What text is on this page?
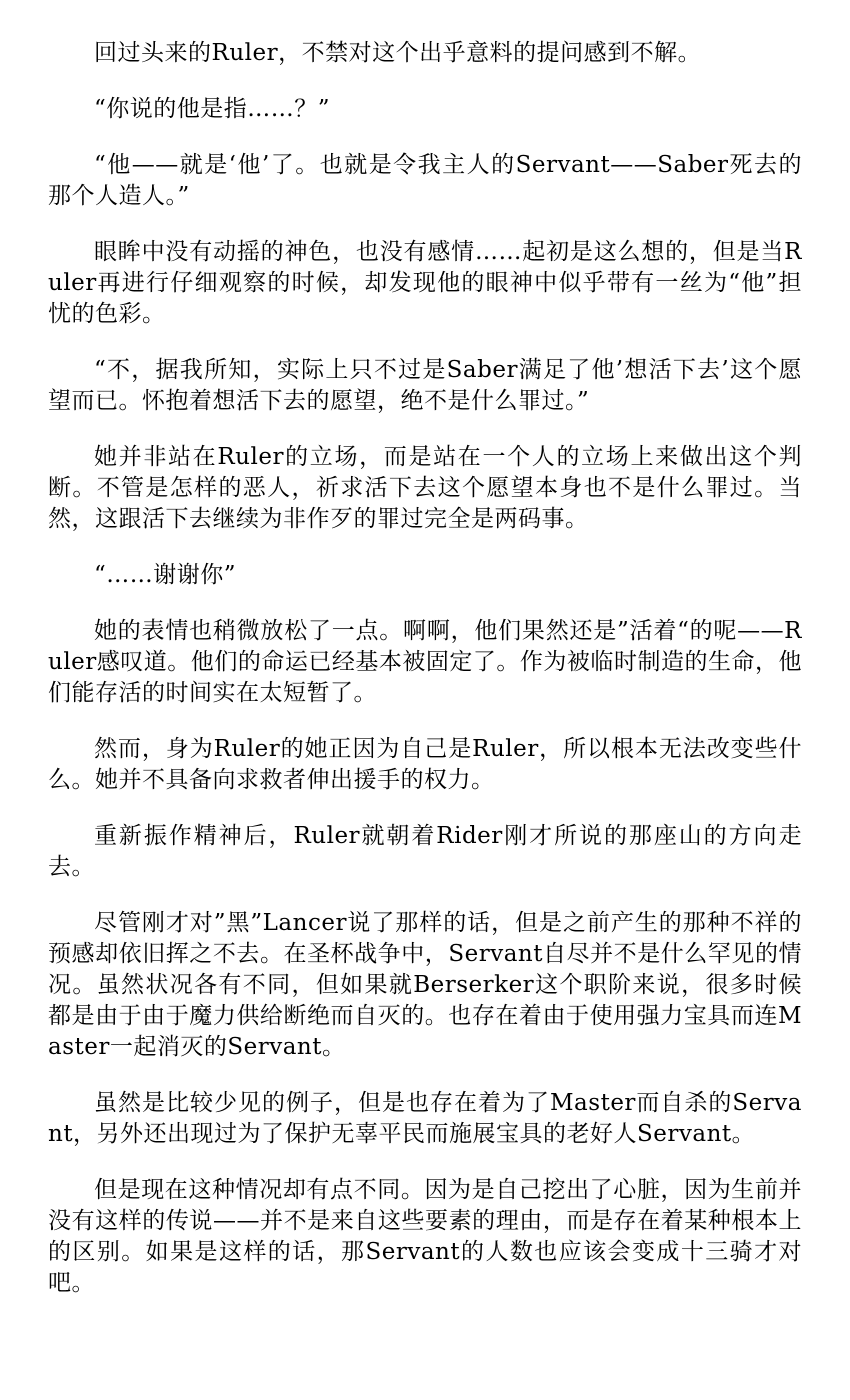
回过头来的Ruler，不禁对这个出乎意料的提问感到不解。

“你说的他是指……？”

“他——就是‘他’了。也就是令我主人的Servant——Saber死去的那个人造人。”

眼眸中没有动摇的神色，也没有感情……起初是这么想的，但是当Ruler再进行仔细观察的时候，却发现他的眼神中似乎带有一丝为“他”担忧的色彩。

“不，据我所知，实际上只不过是Saber满足了他’想活下去’这个愿望而已。怀抱着想活下去的愿望，绝不是什么罪过。”

她并非站在Ruler的立场，而是站在一个人的立场上来做出这个判断。不管是怎样的恶人，祈求活下去这个愿望本身也不是什么罪过。当然，这跟活下去继续为非作歹的罪过完全是两码事。

“……谢谢你”

她的表情也稍微放松了一点。啊啊，他们果然还是”活着“的呢——Ruler感叹道。他们的命运已经基本被固定了。作为被临时制造的生命，他们能存活的时间实在太短暂了。

然而，身为Ruler的她正因为自己是Ruler，所以根本无法改变些什么。她并不具备向求救者伸出援手的权力。

重新振作精神后，Ruler就朝着Rider刚才所说的那座山的方向走去。

尽管刚才对”黑”Lancer说了那样的话，但是之前产生的那种不祥的预感却依旧挥之不去。在圣杯战争中，Servant自尽并不是什么罕见的情况。虽然状况各有不同，但如果就Berserker这个职阶来说，很多时候都是由于由于魔力供给断绝而自灭的。也存在着由于使用强力宝具而连Master一起消灭的Servant。

虽然是比较少见的例子，但是也存在着为了Master而自杀的Servant，另外还出现过为了保护无辜平民而施展宝具的老好人Servant。

但是现在这种情况却有点不同。因为是自己挖出了心脏，因为生前并没有这样的传说——并不是来自这些要素的理由，而是存在着某种根本上的区别。如果是这样的话，那Servant的人数也应该会变成十三骑才对吧。
